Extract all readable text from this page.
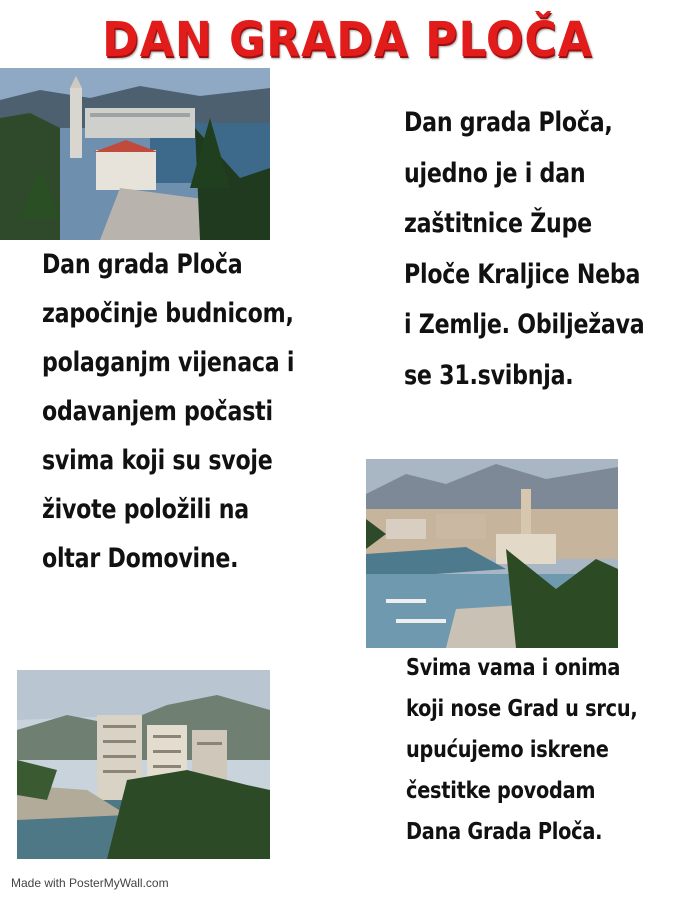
DAN GRADA PLOČA

Dan grada Ploča, ujedno je i dan zaštitnice Župe Ploče Kraljice Neba i Zemlje. Obilježava se 31.svibnja.

Dan grada Ploča započinje budnicom, polaganjm vijenaca i odavanjem počasti svima koji su svoje živote položili na oltar Domovine.

Svima vama i onima koji nose Grad u srcu, upućujemo iskrene čestitke povodam Dana Grada Ploča.

Made with PosterMyWall.com
